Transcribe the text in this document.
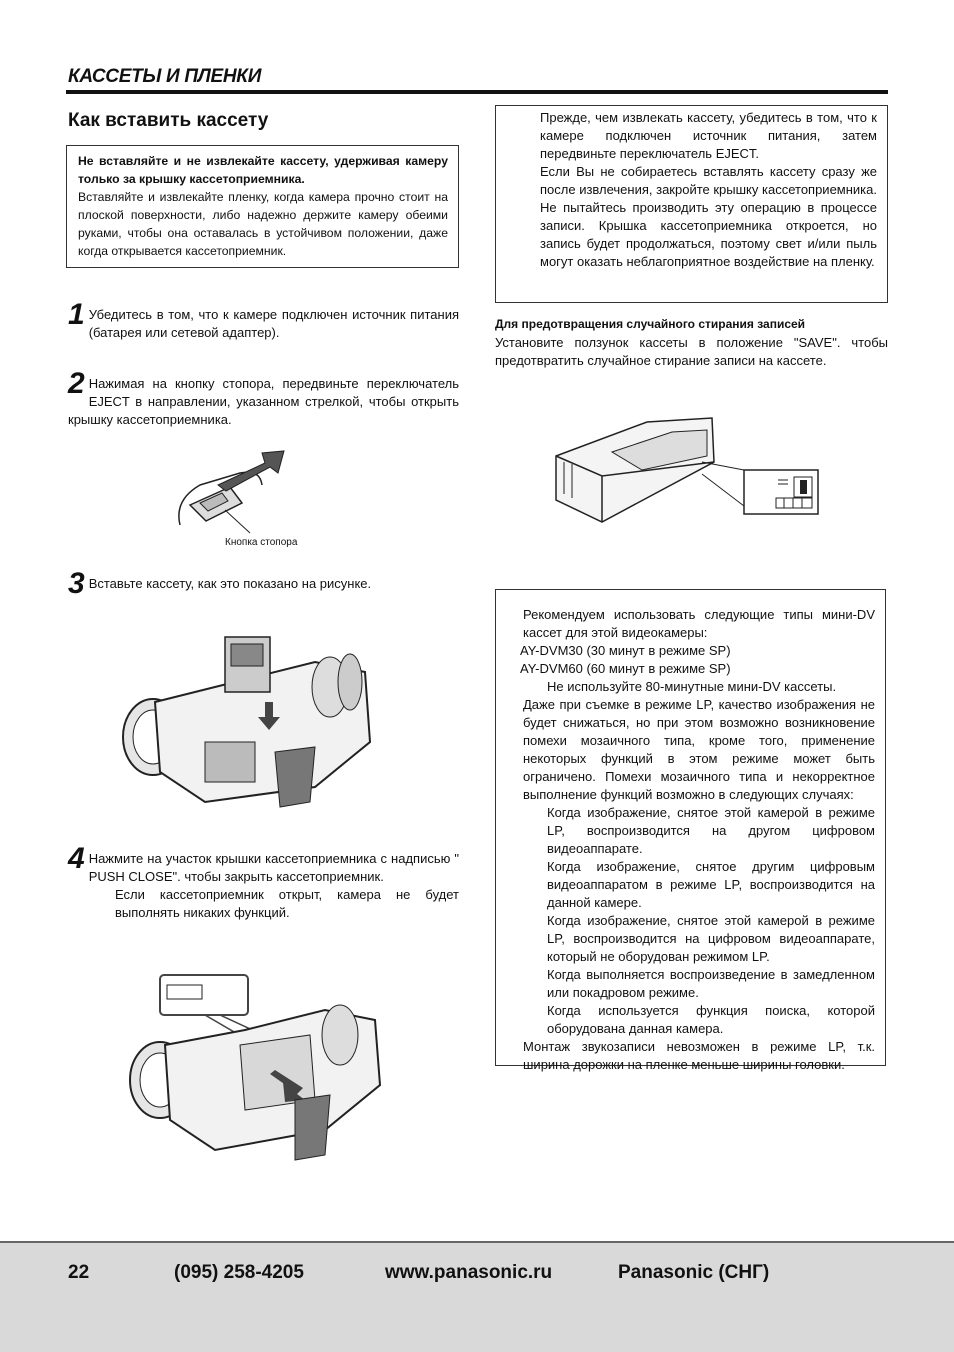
КАССЕТЫ И ПЛЕНКИ
Как вставить кассету
Не вставляйте и не извлекайте кассету, удерживая камеру только за крышку кассетоприемника.
Вставляйте и извлекайте пленку, когда камера прочно стоит на плоской поверхности, либо надежно держите камеру обеими руками, чтобы она оставалась в устойчивом положении, даже когда открывается кассетоприемник.
1 Убедитесь в том, что к камере подключен источник питания (батарея или сетевой адаптер).
2 Нажимая на кнопку стопора, передвиньте переключатель EJECT в направлении, указанном стрелкой, чтобы открыть крышку кассетоприемника.
Кнопка стопора
3 Вставьте кассету, как это показано на рисунке.
4 Нажмите на участок крышки кассетоприемника с надписью " PUSH CLOSE". чтобы закрыть кассетоприемник.
Если кассетоприемник открыт, камера не будет выполнять никаких функций.

Прежде, чем извлекать кассету, убедитесь в том, что к камере подключен источник питания, затем передвиньте переключатель EJECT.

Если Вы не собираетесь вставлять кассету сразу же после извлечения, закройте крышку кассетоприемника.

Не пытайтесь производить эту операцию в процессе записи. Крышка кассетоприемника откроется, но запись будет продолжаться, поэтому свет и/или пыль могут оказать неблагоприятное воздействие на пленку.

Для предотвращения случайного стирания записей
Установите ползунок кассеты в положение "SAVE". чтобы предотвратить случайное стирание записи на кассете.

Рекомендуем использовать следующие типы мини-DV кассет для этой видеокамеры:

AY-DVM30 (30 минут в режиме SP)

AY-DVM60 (60 минут в режиме SP)

Не используйте 80-минутные мини-DV кассеты.

Даже при съемке в режиме LP, качество изображения не будет снижаться, но при этом возможно возникновение помехи мозаичного типа, кроме того, применение некоторых функций в этом режиме может быть ограничено. Помехи мозаичного типа и некорректное выполнение функций возможно в следующих случаях:

Когда изображение, снятое этой камерой в режиме LP, воспроизводится на другом цифровом видеоаппарате.

Когда изображение, снятое другим цифровым видеоаппаратом в режиме LP, воспроизводится на данной камере.

Когда изображение, снятое этой камерой в режиме LP, воспроизводится на цифровом видеоаппарате, который не оборудован режимом LP.

Когда выполняется воспроизведение в замедленном или покадровом режиме.

Когда используется функция поиска, которой оборудована данная камера.

Монтаж звукозаписи невозможен в режиме LP, т.к. ширина дорожки на пленке меньше ширины головки.

22	(095) 258-4205	www.panasonic.ru	Panasonic (СНГ)
